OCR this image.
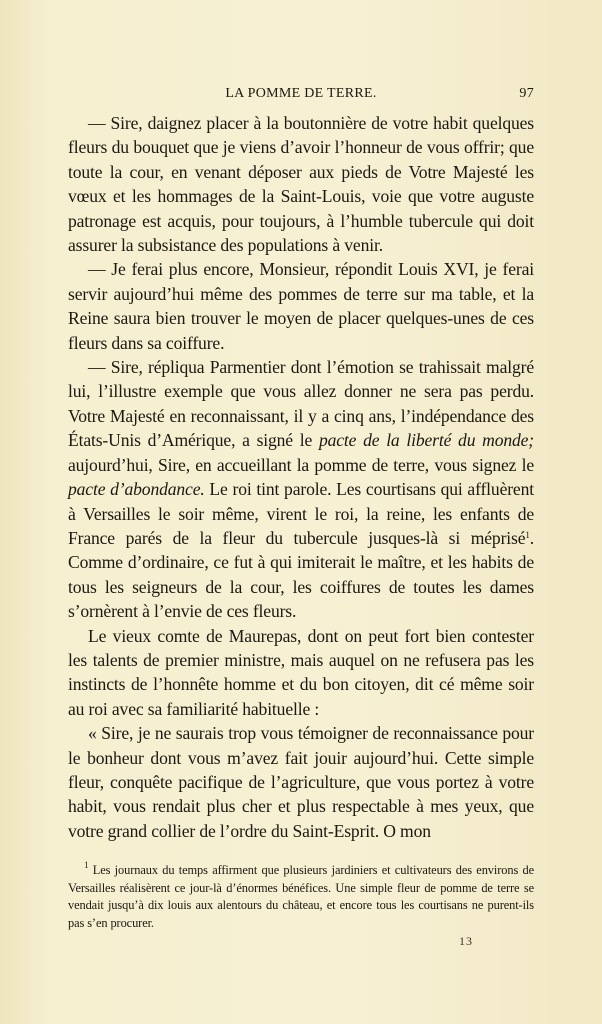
LA POMME DE TERRE.	97

— Sire, daignez placer à la boutonnière de votre habit quelques fleurs du bouquet que je viens d’avoir l’honneur de vous offrir; que toute la cour, en venant déposer aux pieds de Votre Majesté les vœux et les hommages de la Saint-Louis, voie que votre auguste patronage est acquis, pour toujours, à l’humble tubercule qui doit assurer la subsistance des populations à venir.

— Je ferai plus encore, Monsieur, répondit Louis XVI, je ferai servir aujourd’hui même des pommes de terre sur ma table, et la Reine saura bien trouver le moyen de placer quelques-unes de ces fleurs dans sa coiffure.

— Sire, répliqua Parmentier dont l’émotion se trahissait malgré lui, l’illustre exemple que vous allez donner ne sera pas perdu. Votre Majesté en reconnaissant, il y a cinq ans, l’indépendance des États-Unis d’Amérique, a signé le pacte de la liberté du monde; aujourd’hui, Sire, en accueillant la pomme de terre, vous signez le pacte d’abondance. Le roi tint parole. Les courtisans qui affluèrent à Versailles le soir même, virent le roi, la reine, les enfants de France parés de la fleur du tubercule jusques-là si méprisé$^1$. Comme d’ordinaire, ce fut à qui imiterait le maître, et les habits de tous les seigneurs de la cour, les coiffures de toutes les dames s’ornèrent à l’envie de ces fleurs.

Le vieux comte de Maurepas, dont on peut fort bien contester les talents de premier ministre, mais auquel on ne refusera pas les instincts de l’honnête homme et du bon citoyen, dit cé même soir au roi avec sa familiarité habituelle :

« Sire, je ne saurais trop vous témoigner de reconnaissance pour le bonheur dont vous m’avez fait jouir aujourd’hui. Cette simple fleur, conquête pacifique de l’agriculture, que vous portez à votre habit, vous rendait plus cher et plus respectable à mes yeux, que votre grand collier de l’ordre du Saint-Esprit. O mon

$^1$ Les journaux du temps affirment que plusieurs jardiniers et cultivateurs des environs de Versailles réalisèrent ce jour-là d’énormes bénéfices. Une simple fleur de pomme de terre se vendait jusqu’à dix louis aux alentours du château, et encore tous les courtisans ne purent-ils pas s’en procurer.

13
